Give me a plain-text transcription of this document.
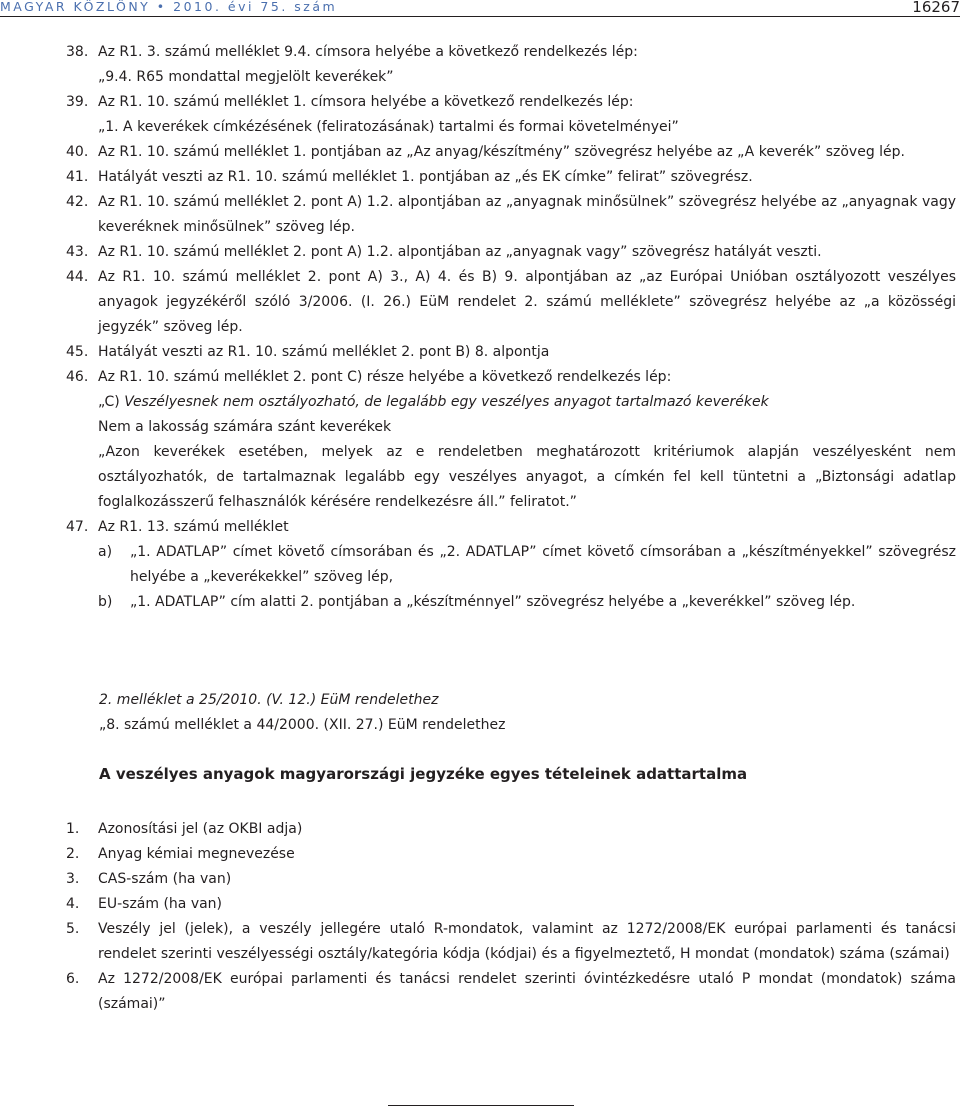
MAGYAR KÖZLÖNY • 2010. évi 75. szám	16267
38. Az R1. 3. számú melléklet 9.4. címsora helyébe a következő rendelkezés lép:
„9.4. R65 mondattal megjelölt keverékek”
39. Az R1. 10. számú melléklet 1. címsora helyébe a következő rendelkezés lép:
„1. A keverékek címkézésének (feliratozásának) tartalmi és formai követelményei”
40. Az R1. 10. számú melléklet 1. pontjában az „Az anyag/készítmény” szövegrész helyébe az „A keverék” szöveg lép.
41. Hatályát veszti az R1. 10. számú melléklet 1. pontjában az „és EK címke” felirat” szövegrész.
42. Az R1. 10. számú melléklet 2. pont A) 1.2. alpontjában az „anyagnak minősülnek” szövegrész helyébe az „anyagnak vagy keveréknek minősülnek” szöveg lép.
43. Az R1. 10. számú melléklet 2. pont A) 1.2. alpontjában az „anyagnak vagy” szövegrész hatályát veszti.
44. Az R1. 10. számú melléklet 2. pont A) 3., A) 4. és B) 9. alpontjában az „az Európai Unióban osztályozott veszélyes anyagok jegyzékéről szóló 3/2006. (I. 26.) EüM rendelet 2. számú melléklete” szövegrész helyébe az „a közösségi jegyzék” szöveg lép.
45. Hatályát veszti az R1. 10. számú melléklet 2. pont B) 8. alpontja
46. Az R1. 10. számú melléklet 2. pont C) része helyébe a következő rendelkezés lép:
„C) Veszélyesnek nem osztályozható, de legalább egy veszélyes anyagot tartalmazó keverékek
Nem a lakosság számára szánt keverékek
„Azon keverékek esetében, melyek az e rendeletben meghatározott kritériumok alapján veszélyesként nem osztályozhatók, de tartalmaznak legalább egy veszélyes anyagot, a címkén fel kell tüntetni a „Biztonsági adatlap foglalkozásszerű felhasználók kérésére rendelkezésre áll.” feliratot.”
47. Az R1. 13. számú melléklet
a) „1. ADATLAP” címet követő címsorában és „2. ADATLAP” címet követő címsorában a „készítményekkel” szövegrész helyébe a „keverékekkel” szöveg lép,
b) „1. ADATLAP” cím alatti 2. pontjában a „készítménnyel” szövegrész helyébe a „keverékkel” szöveg lép.
2. melléklet a 25/2010. (V. 12.) EüM rendelethez
„8. számú melléklet a 44/2000. (XII. 27.) EüM rendelethez
A veszélyes anyagok magyarországi jegyzéke egyes tételeinek adattartalma
1. Azonosítási jel (az OKBI adja)
2. Anyag kémiai megnevezése
3. CAS-szám (ha van)
4. EU-szám (ha van)
5. Veszély jel (jelek), a veszély jellegére utaló R-mondatok, valamint az 1272/2008/EK európai parlamenti és tanácsi rendelet szerinti veszélyességi osztály/kategória kódja (kódjai) és a figyelmeztető, H mondat (mondatok) száma (számai)
6. Az 1272/2008/EK európai parlamenti és tanácsi rendelet szerinti óvintézkedésre utaló P mondat (mondatok) száma (számai)”
